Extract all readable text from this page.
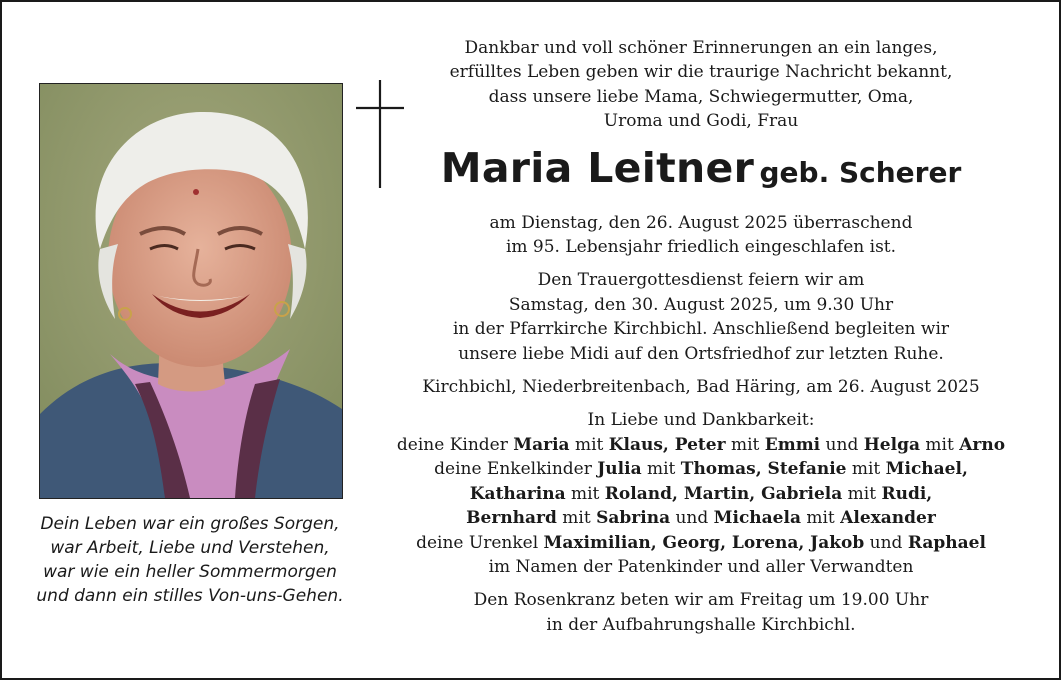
Dein Leben war ein großes Sorgen,
war Arbeit, Liebe und Verstehen,
war wie ein heller Sommermorgen
und dann ein stilles Von-uns-Gehen.
Dankbar und voll schöner Erinnerungen an ein langes,
erfülltes Leben geben wir die traurige Nachricht bekannt,
dass unsere liebe Mama, Schwiegermutter, Oma,
Uroma und Godi, Frau
Maria Leitner geb. Scherer
am Dienstag, den 26. August 2025 überraschend
im 95. Lebensjahr friedlich eingeschlafen ist.
Den Trauergottesdienst feiern wir am
Samstag, den 30. August 2025, um 9.30 Uhr
in der Pfarrkirche Kirchbichl. Anschließend begleiten wir
unsere liebe Midi auf den Ortsfriedhof zur letzten Ruhe.
Kirchbichl, Niederbreitenbach, Bad Häring, am 26. August 2025
In Liebe und Dankbarkeit:
deine Kinder Maria mit Klaus, Peter mit Emmi und Helga mit Arno
deine Enkelkinder Julia mit Thomas, Stefanie mit Michael,
Katharina mit Roland, Martin, Gabriela mit Rudi,
Bernhard mit Sabrina und Michaela mit Alexander
deine Urenkel Maximilian, Georg, Lorena, Jakob und Raphael
im Namen der Patenkinder und aller Verwandten
Den Rosenkranz beten wir am Freitag um 19.00 Uhr
in der Aufbahrungshalle Kirchbichl.
